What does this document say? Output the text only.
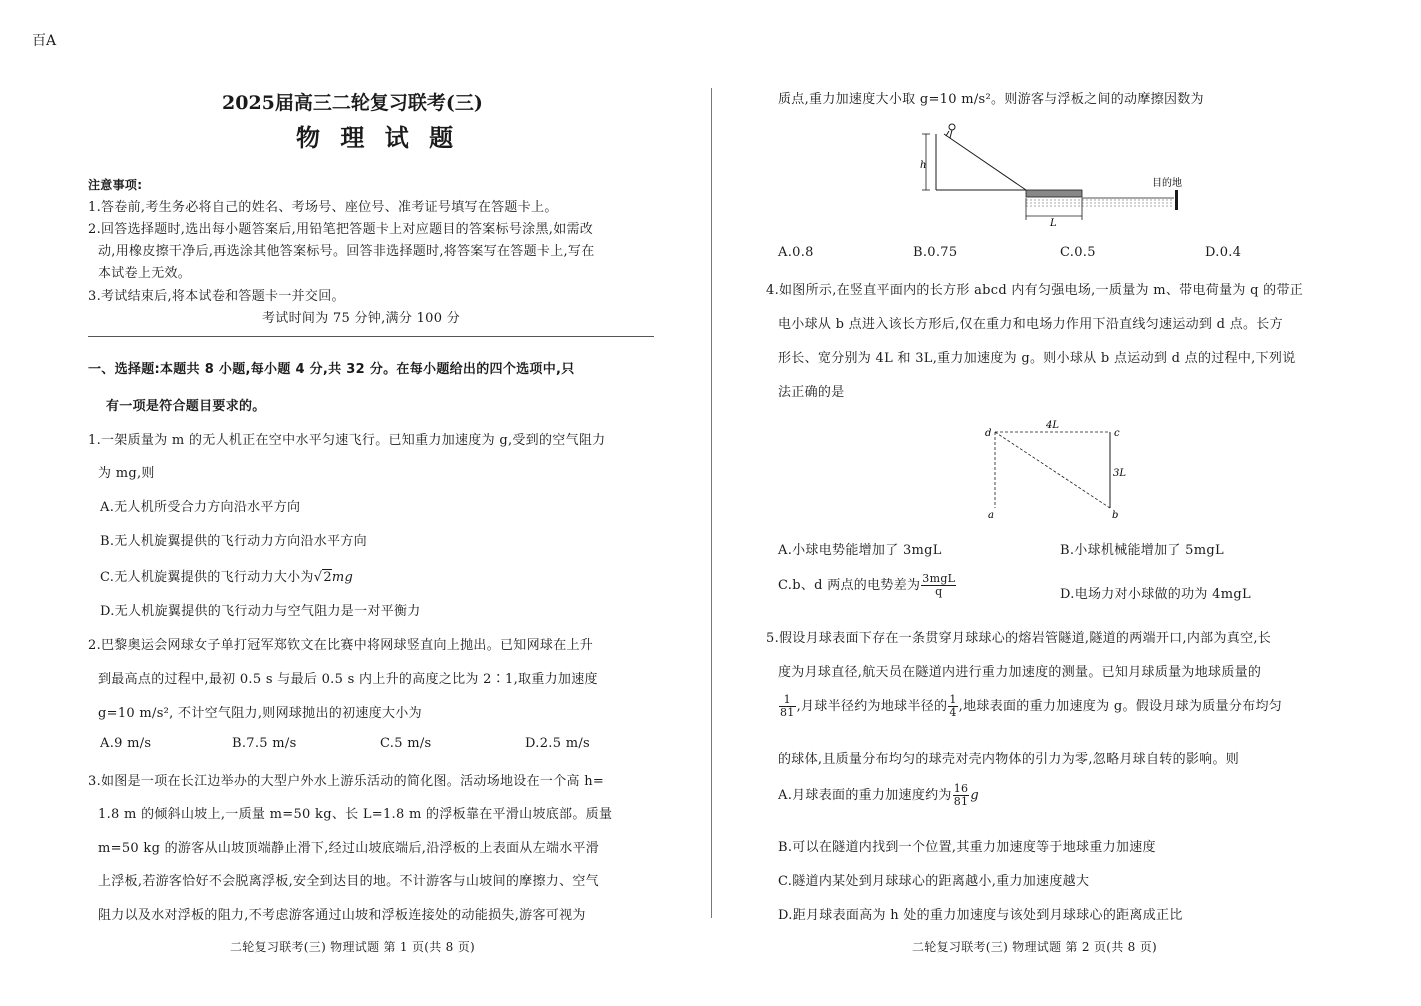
百A
2025届高三二轮复习联考(三)
物 理 试 题
注意事项:
1.答卷前,考生务必将自己的姓名、考场号、座位号、准考证号填写在答题卡上。
2.回答选择题时,选出每小题答案后,用铅笔把答题卡上对应题目的答案标号涂黑,如需改
动,用橡皮擦干净后,再选涂其他答案标号。回答非选择题时,将答案写在答题卡上,写在
本试卷上无效。
3.考试结束后,将本试卷和答题卡一并交回。
考试时间为 75 分钟,满分 100 分
一、选择题:本题共 8 小题,每小题 4 分,共 32 分。在每小题给出的四个选项中,只
有一项是符合题目要求的。
1.一架质量为 m 的无人机正在空中水平匀速飞行。已知重力加速度为 g,受到的空气阻力
为 mg,则
A.无人机所受合力方向沿水平方向
B.无人机旋翼提供的飞行动力方向沿水平方向
C.无人机旋翼提供的飞行动力大小为√2mg
D.无人机旋翼提供的飞行动力与空气阻力是一对平衡力
2.巴黎奥运会网球女子单打冠军郑钦文在比赛中将网球竖直向上抛出。已知网球在上升
到最高点的过程中,最初 0.5 s 与最后 0.5 s 内上升的高度之比为 2∶1,取重力加速度
g=10 m/s², 不计空气阻力,则网球抛出的初速度大小为
A.9 m/s	B.7.5 m/s	C.5 m/s	D.2.5 m/s
3.如图是一项在长江边举办的大型户外水上游乐活动的简化图。活动场地设在一个高 h=
1.8 m 的倾斜山坡上,一质量 m=50 kg、长 L=1.8 m 的浮板靠在平滑山坡底部。质量
m=50 kg 的游客从山坡顶端静止滑下,经过山坡底端后,沿浮板的上表面从左端水平滑
上浮板,若游客恰好不会脱离浮板,安全到达目的地。不计游客与山坡间的摩擦力、空气
阻力以及水对浮板的阻力,不考虑游客通过山坡和浮板连接处的动能损失,游客可视为
二轮复习联考(三) 物理试题 第 1 页(共 8 页)
质点,重力加速度大小取 g=10 m/s²。则游客与浮板之间的动摩擦因数为
h
L
目的地
A.0.8	B.0.75	C.0.5	D.0.4
4.如图所示,在竖直平面内的长方形 abcd 内有匀强电场,一质量为 m、带电荷量为 q 的带正
电小球从 b 点进入该长方形后,仅在重力和电场力作用下沿直线匀速运动到 d 点。长方
形长、宽分别为 4L 和 3L,重力加速度为 g。则小球从 b 点运动到 d 点的过程中,下列说
法正确的是
d	c
a	b
4L
3L
A.小球电势能增加了 3mgL	B.小球机械能增加了 5mgL
C.b、d 两点的电势差为 $\frac{\text{3mgL}}{q}$	D.电场力对小球做的功为 4mgL
5.假设月球表面下存在一条贯穿月球球心的熔岩管隧道,隧道的两端开口,内部为真空,长
度为月球直径,航天员在隧道内进行重力加速度的测量。已知月球质量为地球质量的
$\frac{1}{81}$ ,月球半径约为地球半径的 $\frac{1}{4}$ ,地球表面的重力加速度为 g。假设月球为质量分布均匀
的球体,且质量分布均匀的球壳对壳内物体的引力为零,忽略月球自转的影响。则
A.月球表面的重力加速度约为 $\frac{16}{81}$ g
B.可以在隧道内找到一个位置,其重力加速度等于地球重力加速度
C.隧道内某处到月球球心的距离越小,重力加速度越大
D.距月球表面高为 h 处的重力加速度与该处到月球球心的距离成正比
二轮复习联考(三) 物理试题 第 2 页(共 8 页)
